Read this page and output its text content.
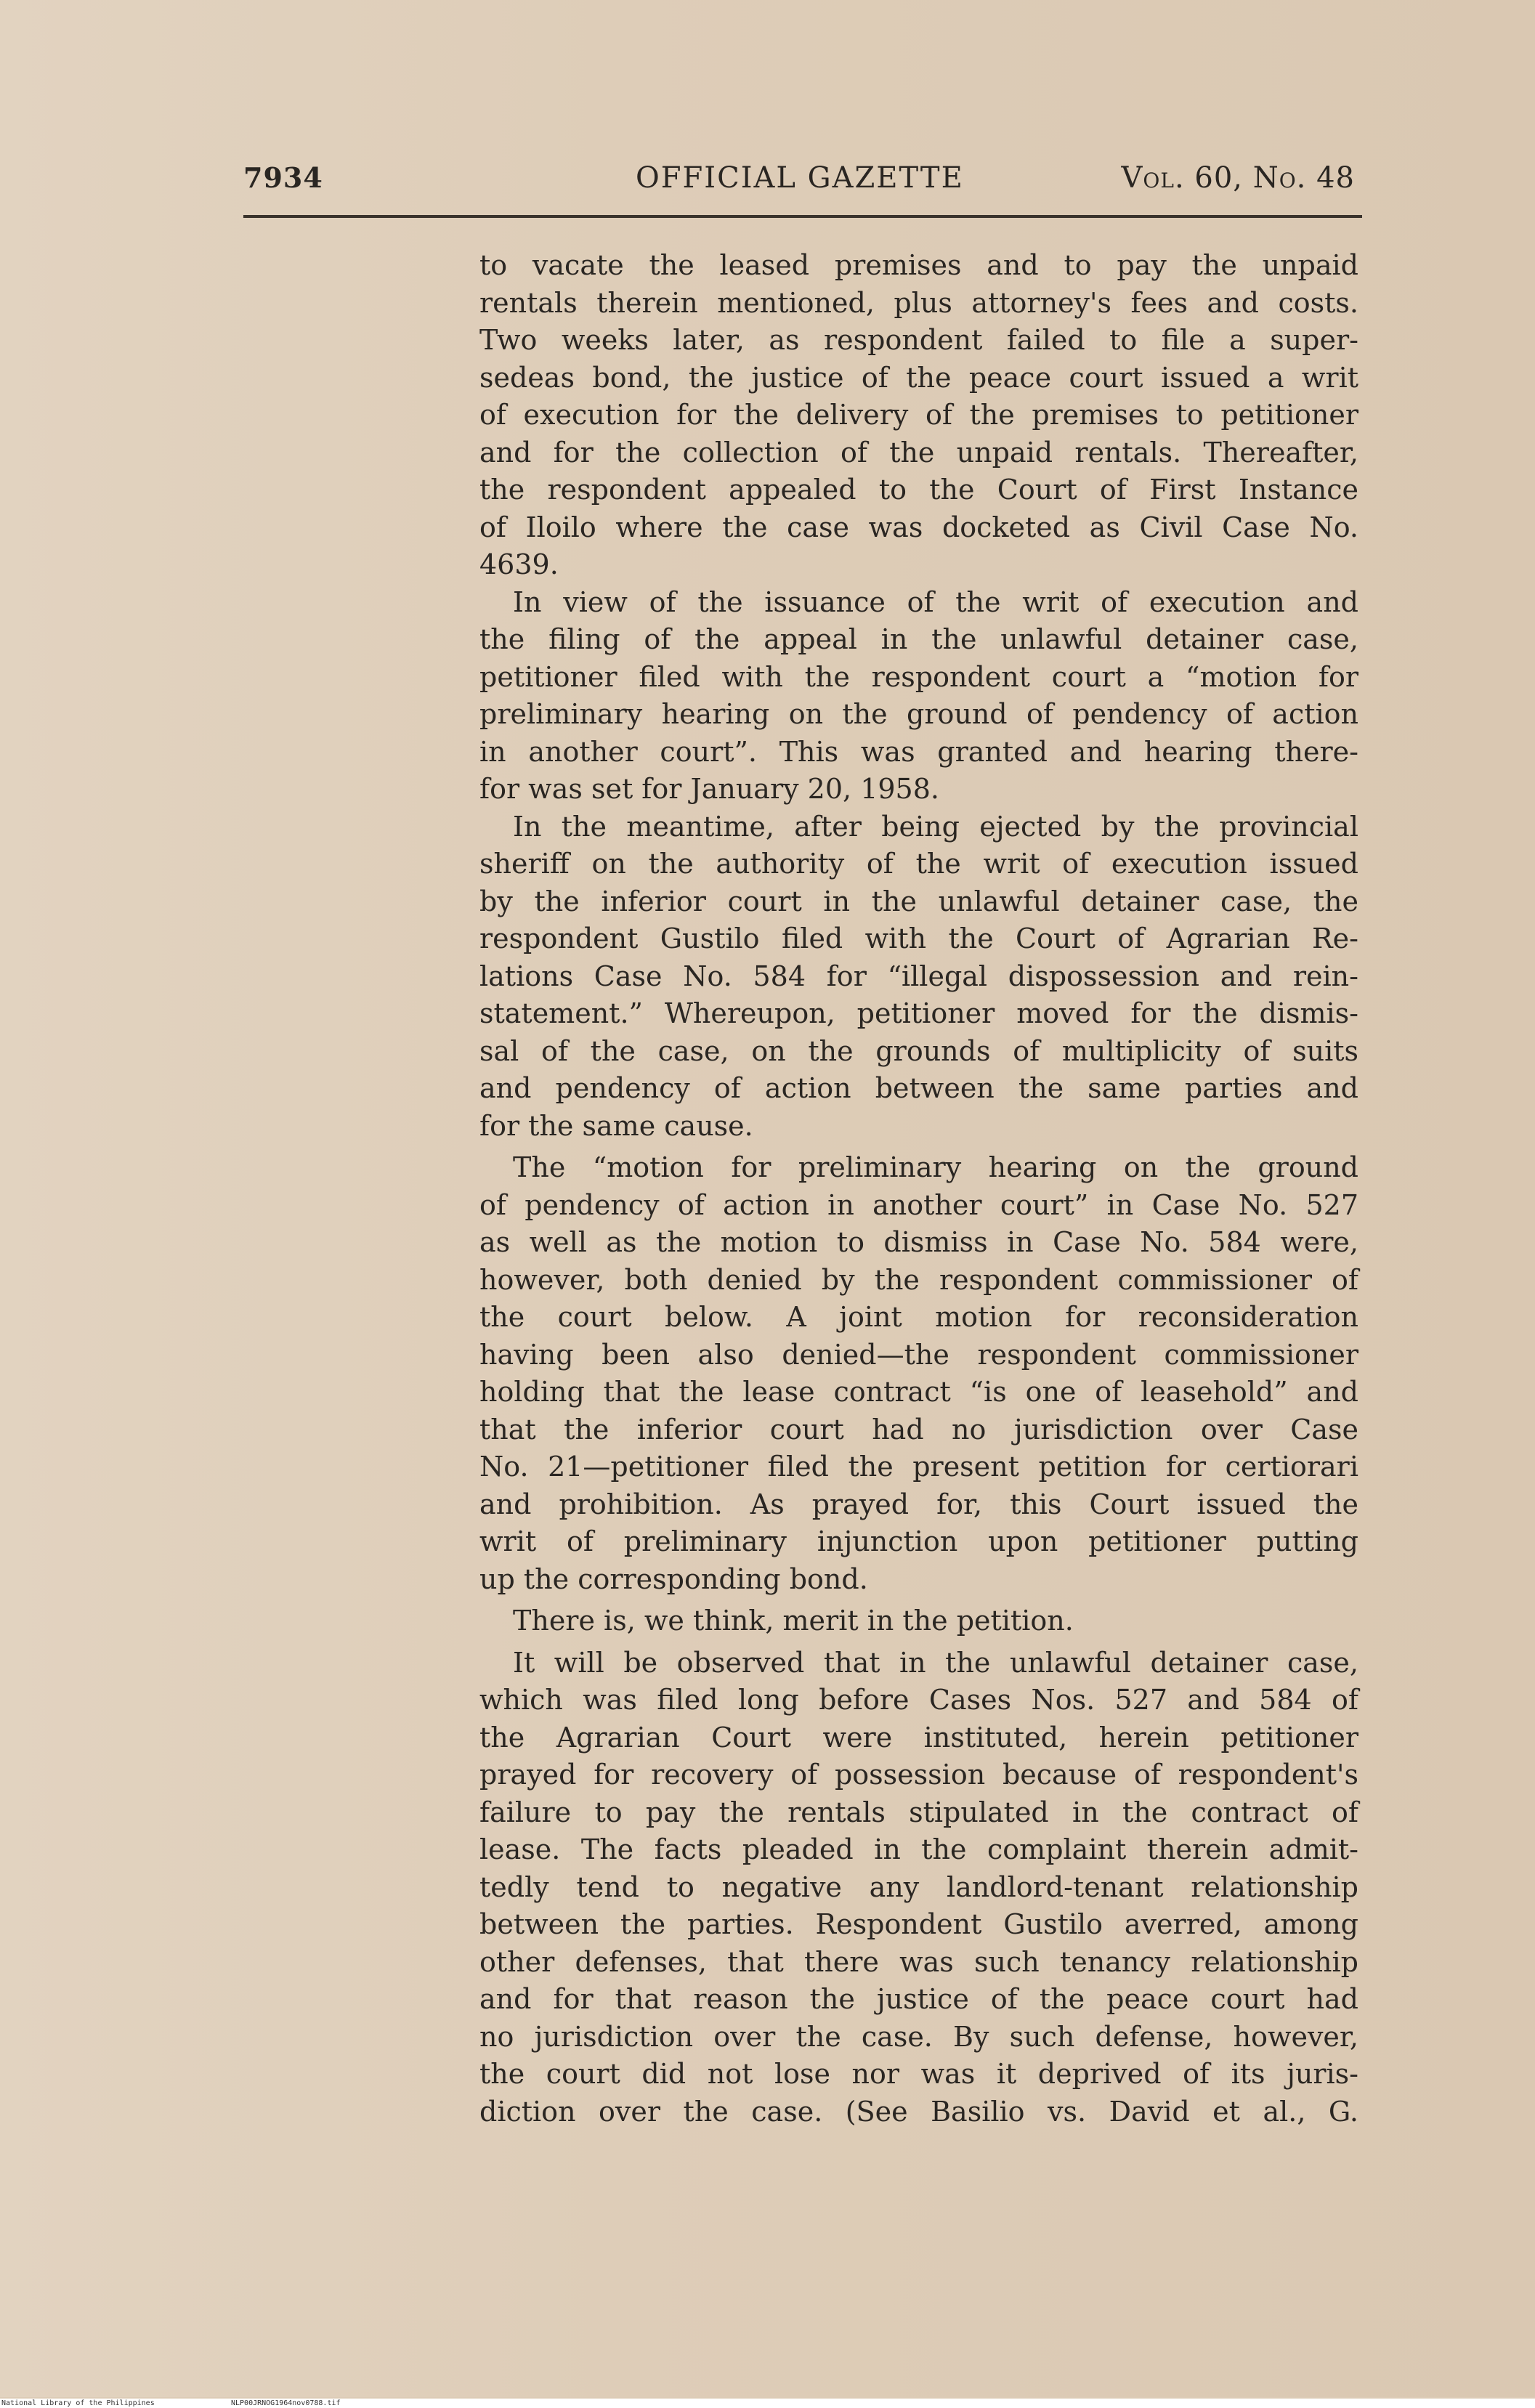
7934	OFFICIAL GAZETTE	Vol. 60, No. 48
to vacate the leased premises and to pay the unpaid
rentals therein mentioned, plus attorney's fees and costs.
Two weeks later, as respondent failed to file a super-
sedeas bond, the justice of the peace court issued a writ
of execution for the delivery of the premises to petitioner
and for the collection of the unpaid rentals. Thereafter,
the respondent appealed to the Court of First Instance
of Iloilo where the case was docketed as Civil Case No.
4639.
In view of the issuance of the writ of execution and
the filing of the appeal in the unlawful detainer case,
petitioner filed with the respondent court a “motion for
preliminary hearing on the ground of pendency of action
in another court”. This was granted and hearing there-
for was set for January 20, 1958.
In the meantime, after being ejected by the provincial
sheriff on the authority of the writ of execution issued
by the inferior court in the unlawful detainer case, the
respondent Gustilo filed with the Court of Agrarian Re-
lations Case No. 584 for “illegal dispossession and rein-
statement.” Whereupon, petitioner moved for the dismis-
sal of the case, on the grounds of multiplicity of suits
and pendency of action between the same parties and
for the same cause.
The “motion for preliminary hearing on the ground
of pendency of action in another court” in Case No. 527
as well as the motion to dismiss in Case No. 584 were,
however, both denied by the respondent commissioner of
the court below. A joint motion for reconsideration
having been also denied—the respondent commissioner
holding that the lease contract “is one of leasehold” and
that the inferior court had no jurisdiction over Case
No. 21—petitioner filed the present petition for certiorari
and prohibition. As prayed for, this Court issued the
writ of preliminary injunction upon petitioner putting
up the corresponding bond.
There is, we think, merit in the petition.
It will be observed that in the unlawful detainer case,
which was filed long before Cases Nos. 527 and 584 of
the Agrarian Court were instituted, herein petitioner
prayed for recovery of possession because of respondent's
failure to pay the rentals stipulated in the contract of
lease. The facts pleaded in the complaint therein admit-
tedly tend to negative any landlord-tenant relationship
between the parties. Respondent Gustilo averred, among
other defenses, that there was such tenancy relationship
and for that reason the justice of the peace court had
no jurisdiction over the case. By such defense, however,
the court did not lose nor was it deprived of its juris-
diction over the case. (See Basilio vs. David et al., G.
National Library of the Philippines	NLP00JRNOG1964nov0788.tif
